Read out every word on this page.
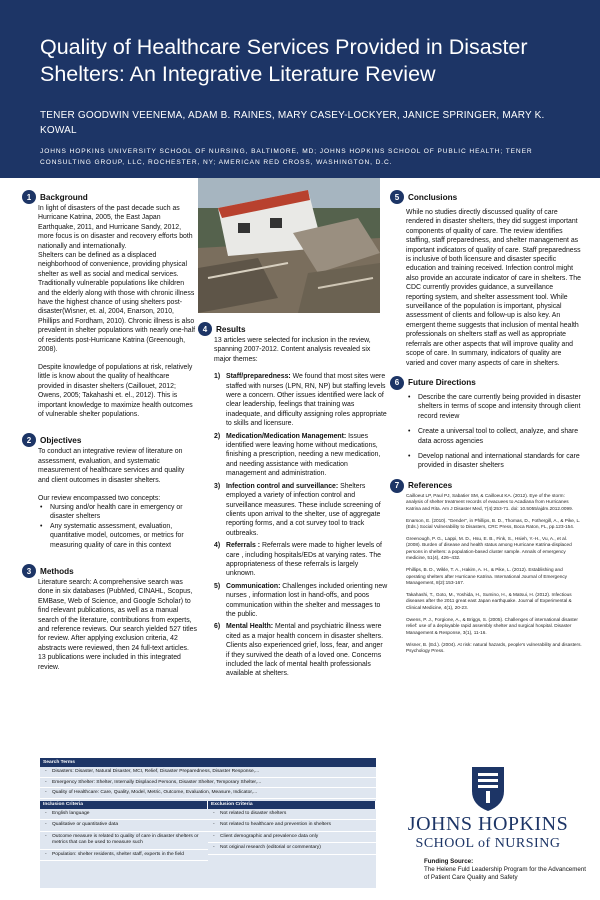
Quality of Healthcare Services Provided in Disaster Shelters: An Integrative Literature Review
TENER GOODWIN VEENEMA, ADAM B. RAINES, MARY CASEY-LOCKYER, JANICE SPRINGER, MARY K. KOWAL
JOHNS HOPKINS UNIVERSITY SCHOOL OF NURSING, BALTIMORE, MD; JOHNS HOPKINS SCHOOL OF PUBLIC HEALTH; TENER CONSULTING GROUP, LLC, ROCHESTER, NY; AMERICAN RED CROSS, WASHINGTON, D.C.
1	Background

In light of disasters of the past decade such as Hurricane Katrina, 2005, the East Japan Earthquake, 2011, and Hurricane Sandy, 2012, more focus is on disaster and recovery efforts both nationally and internationally.

Shelters can be defined as a displaced neighborhood of convenience, providing physical shelter as well as social and medical services. Traditionally vulnerable populations like children and the elderly along with those with chronic illness have the highest chance of using shelters post-disaster(Wisner, et. al, 2004, Enarson, 2010, Phillips and Fordham, 2010). Chronic illness is also prevalent in shelter populations with nearly one-half of residents post-Hurricane Katrina (Greenough, 2008).

Despite knowledge of populations at risk, relatively little is know about the quality of healthcare provided in disaster shelters (Caillouet, 2012; Owens, 2005; Takahashi et. el., 2012). This is important knowledge to maximize health outcomes of vulnerable shelter populations.

2	Objectives

To conduct an integrative review of literature on assessment, evaluation, and systematic measurement of healthcare services and quality and client outcomes in disaster shelters.

Our review encompassed two concepts:

• Nursing and/or health care in emergency or disaster shelters
• Any systematic assessment, evaluation, quantitative model, outcomes, or metrics for measuring quality of care in this context
3	Methods

Literature search: A comprehensive search was done in six databases (PubMed, CINAHL, Scopus, EMBase, Web of Science, and Google Scholar) to find relevant publications, as well as a manual search of the literature, contributions from experts, and reference reviews. Our search yielded 527 titles for review. After applying exclusion criteria, 42 abstracts were reviewed, then 24 full-text articles. 13 publications were included in this integrated review.

4	Results

13 articles were selected for inclusion in the review, spanning 2007-2012. Content analysis revealed six major themes:

1) Staff/preparedness: We found that most sites were staffed with nurses (LPN, RN, NP) but staffing levels were a concern. Other issues identified were lack of clear leadership, feelings that training was inadequate, and difficulty assigning roles appropriate to skills and licensure.
2) Medication/Medication Management: Issues identified were leaving home without medications, finishing a prescription, needing a new medication, and needing assistance with medication management and administration.
3) Infection control and surveillance: Shelters employed a variety of infection control and surveillance measures. These include screening of clients upon arrival to the shelter, use of aggregate reporting forms, and a cot survey tool to track outbreaks.
4) Referrals : Referrals were made to higher levels of care , including hospitals/EDs at varying rates. The appropriateness of these referrals is largely unknown.
5) Communication: Challenges included orienting new nurses , information lost in hand-offs, and poos communication within the shelter and messages to the public.
6) Mental Health: Mental and psychiatric illness were cited as a major health concern in disaster shelters. Clients also experienced grief, loss, fear, and anger if they survived the death of a loved one. Concerns included the lack of mental health professionals available at shelters.
5	Conclusions

While no studies directly discussed quality of care rendered in disaster shelters, they did suggest important components of quality of care. The review identifies staffing, staff preparedness, and shelter management as important indicators of quality of care. Staff preparedness is inclusive of both licensure and disaster specific education and training received. Infection control might also provide an accurate indicator of care in shelters. The CDC currently provides guidance, a surveillance reporting system, and shelter assessment tool. While surveillance of the population is important, physical assessment of clients and follow-up is also key. An emergent theme suggests that inclusion of mental health professionals on shelters staff as well as appropriate referrals are other aspects that will improve quality and scope of care. In summary, indicators of quality are varied and cover many aspects of care in shelters.

6	Future Directions
• Describe the care currently being provided in disaster shelters in terms of scope and intensity through client record review
• Create a universal tool to collect, analyze, and share data across agencies
• Develop national and international standards for care provided in disaster shelters
7	References

Cailloeut LP, Paul PJ, Sabatier SM, & Cailloeut KA. (2012). Eye of the storm: analysis of shelter treatment records of evacuees to Acadiana from Hurricanes Katrina and Rita. Am J Disaster Med, 7(4):253-71. doi: 10.5055/ajdm.2012.0099.

Enarson, E. (2010). "Gender", in Phillips, B. D., Thomas, D., Fothergill, A., & Pike, L. (Eds.) Social Vulnerability to Disasters, CRC Press, Boca Raton, FL, pp.123-154.

Greenough, P. G., Lappi, M. D., Hsu, E. B., Fink, S., Hsieh, Y.-H., Vu, A., et al. (2008). Burden of disease and health status among Hurricane Katrina-displaced persons in shelters: a population-based cluster sample. Annals of emergency medicine, 51(4), 426–432.

Phillips, B. D., Wikle, T. A., Hakim, A. H., & Pike, L. (2012). Establishing and operating shelters after Hurricane Katrina. International Journal of Emergency Management, 8(2):153-167.

Takahashi, T., Goto, M., Yoshida, H., Sumino, H., & Matsui, H. (2012). Infectious diseases after the 2011 great east Japan earthquake. Journal of Experimental & Clinical Medicine, 4(1), 20-23.

Owens, P. J., Forgione, A., & Briggs, S. (2005). Challenges of international disaster relief: use of a deployable rapid assembly shelter and surgical hospital. Disaster Management & Response, 3(1), 11-16.

Wisner, B. (Ed.). (2004). At risk: natural hazards, people's vulnerability and disasters. Psychology Press.

Search Terms
- Disasters: Disaster, Natural Disaster, MCI, Relief, Disaster Preparedness, Disaster Response,...
- Emergency Shelter: Shelter, Internally Displaced Persons, Disaster Shelter, Temporary Shelter,...
- Quality of Healthcare: Care, Quality, Model, Metric, Outcome, Evaluation, Measure, Indicator,...
Inclusion Criteria
- English language
- Qualitative or quantitative data
- Outcome measure is related to quality of care in disaster shelters or metrics that can be used to measure such
- Population: shelter residents, shelter staff, experts in the field
Exclusion Criteria
- Not related to disaster shelters
- Not related to healthcare and prevention in shelters
- Client demographic and prevalence data only
- Not original research (editorial or commentary)
JOHNS HOPKINS
SCHOOL of NURSING
Funding Source:
The Helene Fuld Leadership Program for the Advancement of Patient Care Quality and Safety
